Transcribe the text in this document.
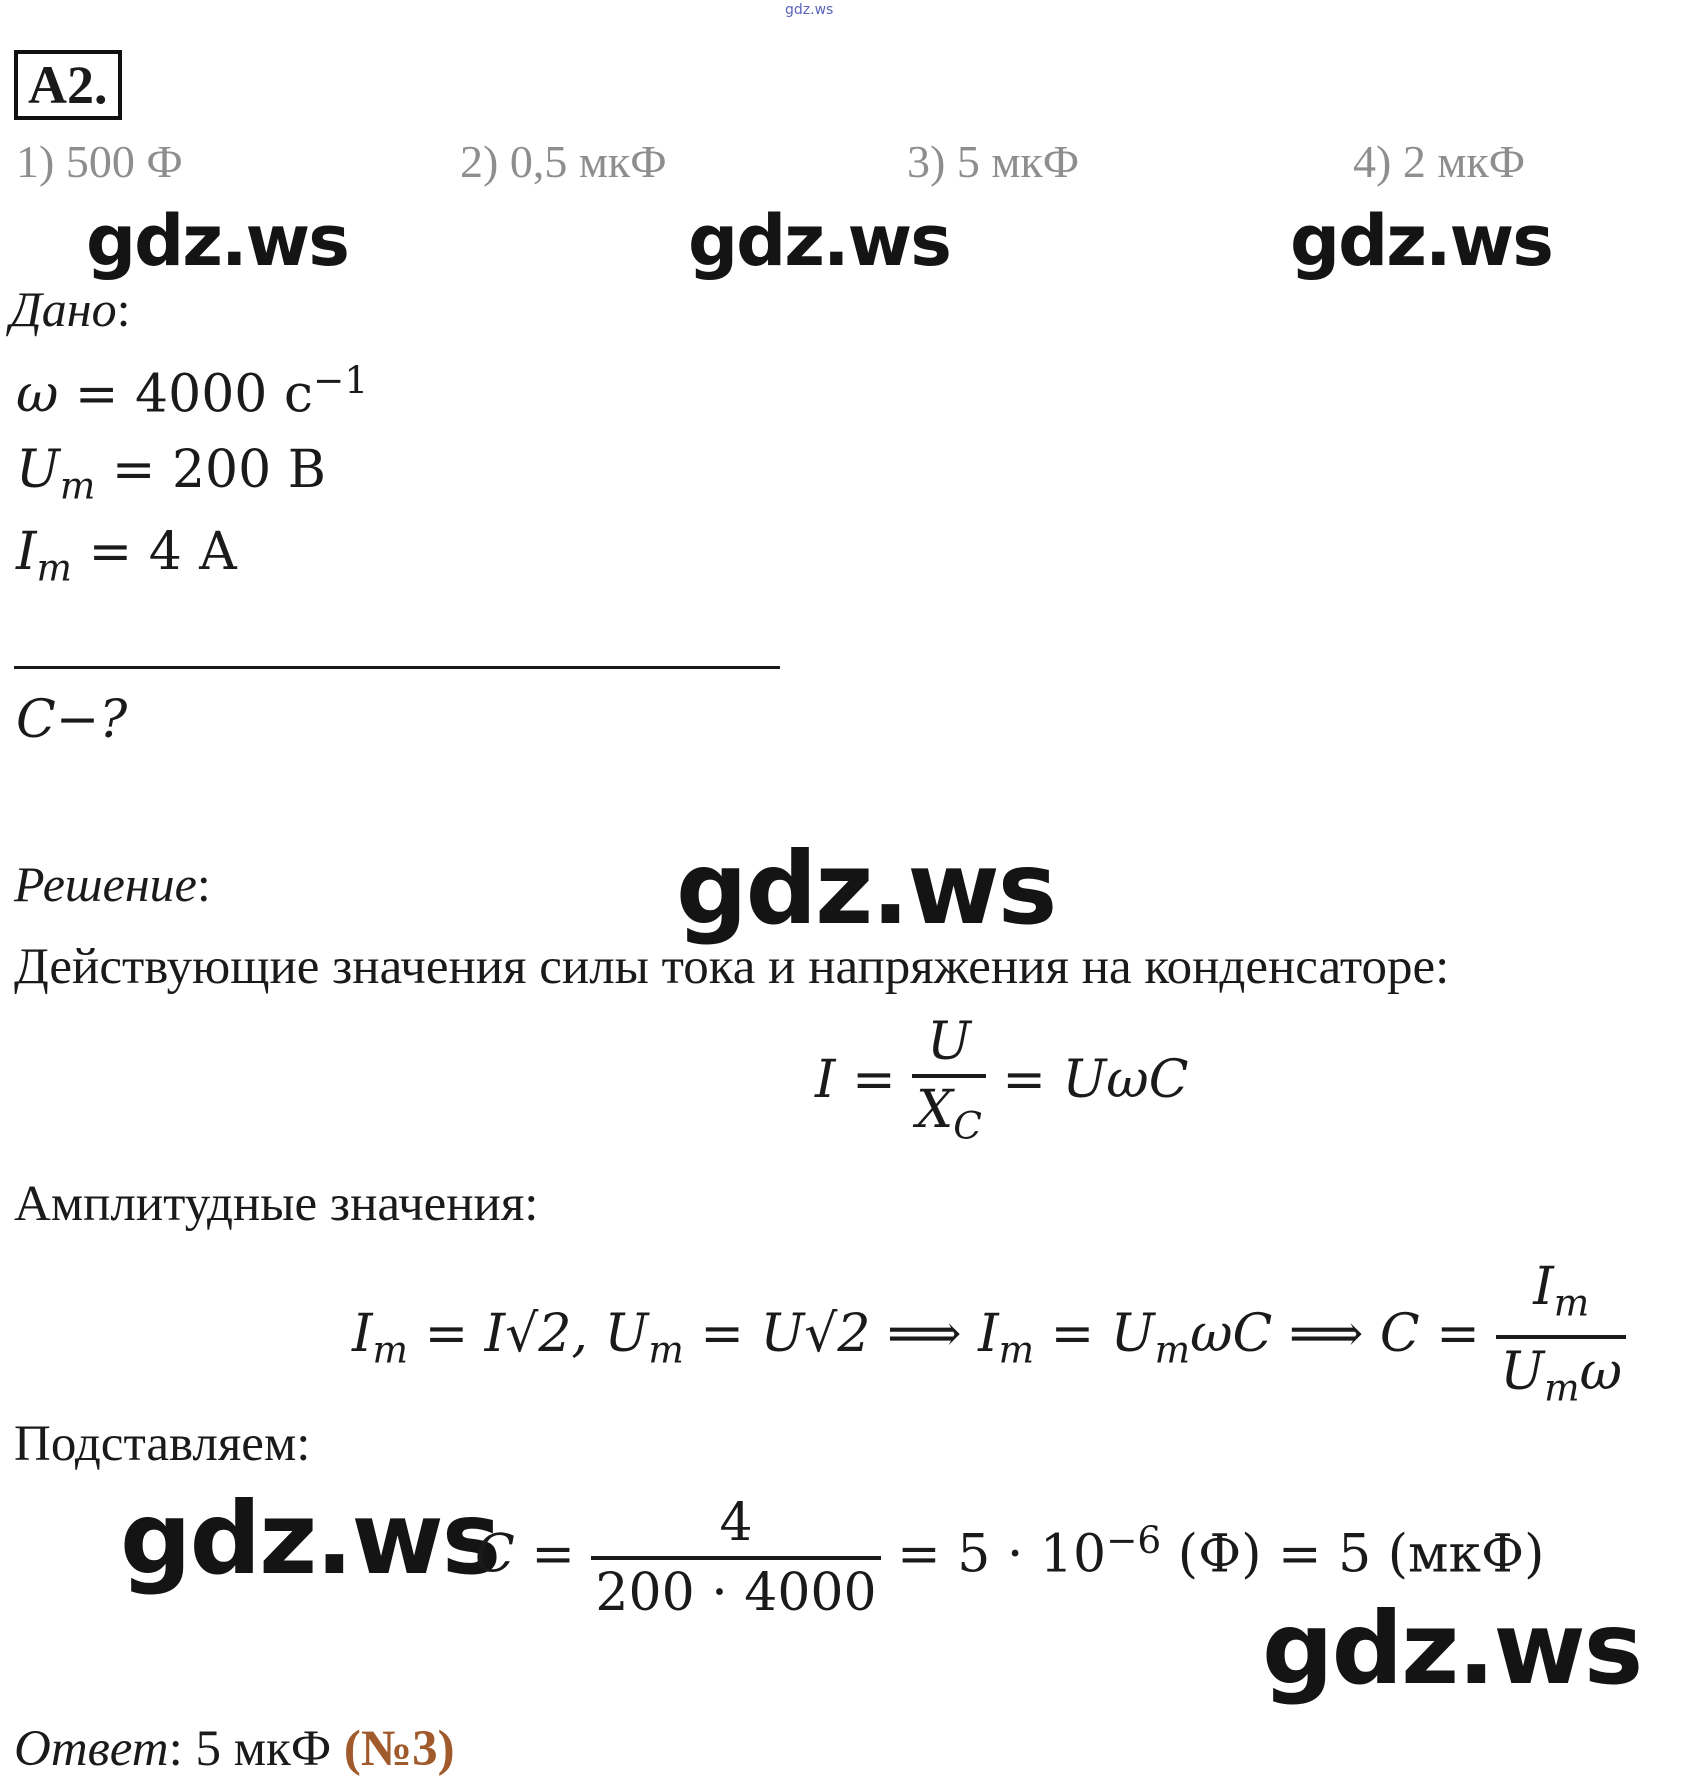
gdz.ws
A2.
1) 500 Ф	2) 0,5 мкФ	3) 5 мкФ	4) 2 мкФ
gdz.ws	gdz.ws	gdz.ws
Дано:
ω = 4000 $с^{-1}$
$U_m = 200$ В
$I_m = 4$ А
C−?
gdz.ws
Решение:
Действующие значения силы тока и напряжения на конденсаторе:
$I = \frac{U}{X_C} = U\omega C$
Амплитудные значения:
$I_m = I√2$, $U_m = U√2$ ⟹ $I_m = U_m\omega C$ ⟹ $C = \frac{I_m}{U_m\omega}$
Подставляем:
gdz.ws
$C = \frac{4}{200 \cdot 4000} = 5 \cdot 10^{-6}$ (Ф) = 5 (мкФ)
gdz.ws
Ответ: 5 мкФ (№3)
